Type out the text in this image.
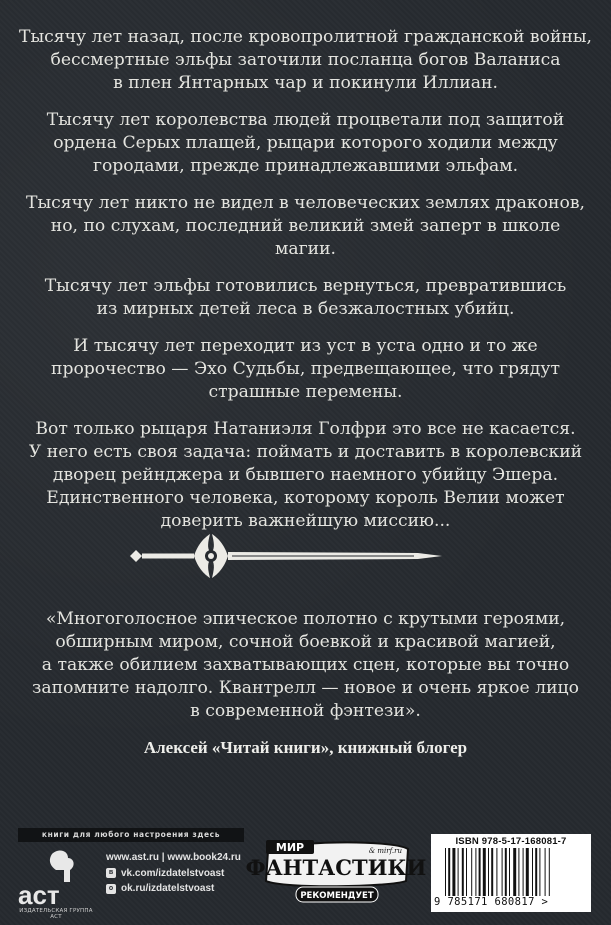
Тысячу лет назад, после кровопролитной гражданской войны,
бессмертные эльфы заточили посланца богов Валаниса
в плен Янтарных чар и покинули Иллиан.

Тысячу лет королевства людей процветали под защитой
ордена Серых плащей, рыцари которого ходили между
городами, прежде принадлежавшими эльфам.

Тысячу лет никто не видел в человеческих землях драконов,
но, по слухам, последний великий змей заперт в школе магии.

Тысячу лет эльфы готовились вернуться, превратившись
из мирных детей леса в безжалостных убийц.

И тысячу лет переходит из уст в уста одно и то же
пророчество — Эхо Судьбы, предвещающее, что грядут
страшные перемены.

Вот только рыцаря Натаниэля Голфри это все не касается.
У него есть своя задача: поймать и доставить в королевский
дворец рейнджера и бывшего наемного убийцу Эшера.
Единственного человека, которому король Велии может
доверить важнейшую миссию...

«Многоголосное эпическое полотно с крутыми героями,
обширным миром, сочной боевкой и красивой магией,
а также обилием захватывающих сцен, которые вы точно
запомните надолго. Квантрелл — новое и очень яркое лицо
в современной фэнтези».
Алексей «Читай книги», книжный блогер
книги для любого настроения здесь
аст
ИЗДАТЕЛЬСКАЯ ГРУППА АСТ
www.ast.ru | www.book24.ru
в vk.com/izdatelstvoast
о ok.ru/izdatelstvoast
МИР
ФАНТАСТИКИ
& mirf.ru
РЕКОМЕНДУЕТ
ISBN 978-5-17-168081-7
9 785171 680817 >
